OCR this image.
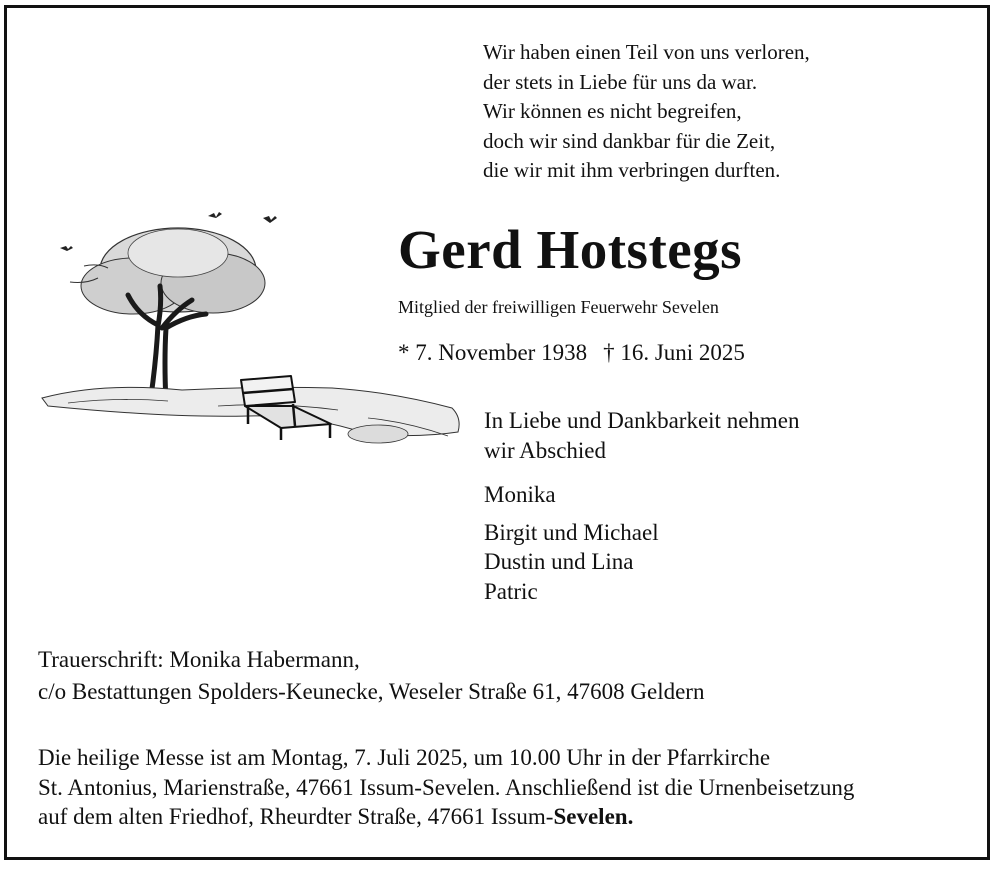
Wir haben einen Teil von uns verloren,
der stets in Liebe für uns da war.
Wir können es nicht begreifen,
doch wir sind dankbar für die Zeit,
die wir mit ihm verbringen durften.
Gerd Hotstegs
Mitglied der freiwilligen Feuerwehr Sevelen
* 7. November 1938 † 16. Juni 2025
In Liebe und Dankbarkeit nehmen
wir Abschied
Monika
Birgit und Michael
Dustin und Lina
Patric
Trauerschrift: Monika Habermann,
c/o Bestattungen Spolders-Keunecke, Weseler Straße 61, 47608 Geldern
Die heilige Messe ist am Montag, 7. Juli 2025, um 10.00 Uhr in der Pfarrkirche
St. Antonius, Marienstraße, 47661 Issum-Sevelen. Anschließend ist die Urnenbeisetzung
auf dem alten Friedhof, Rheurdter Straße, 47661 Issum-Sevelen.
